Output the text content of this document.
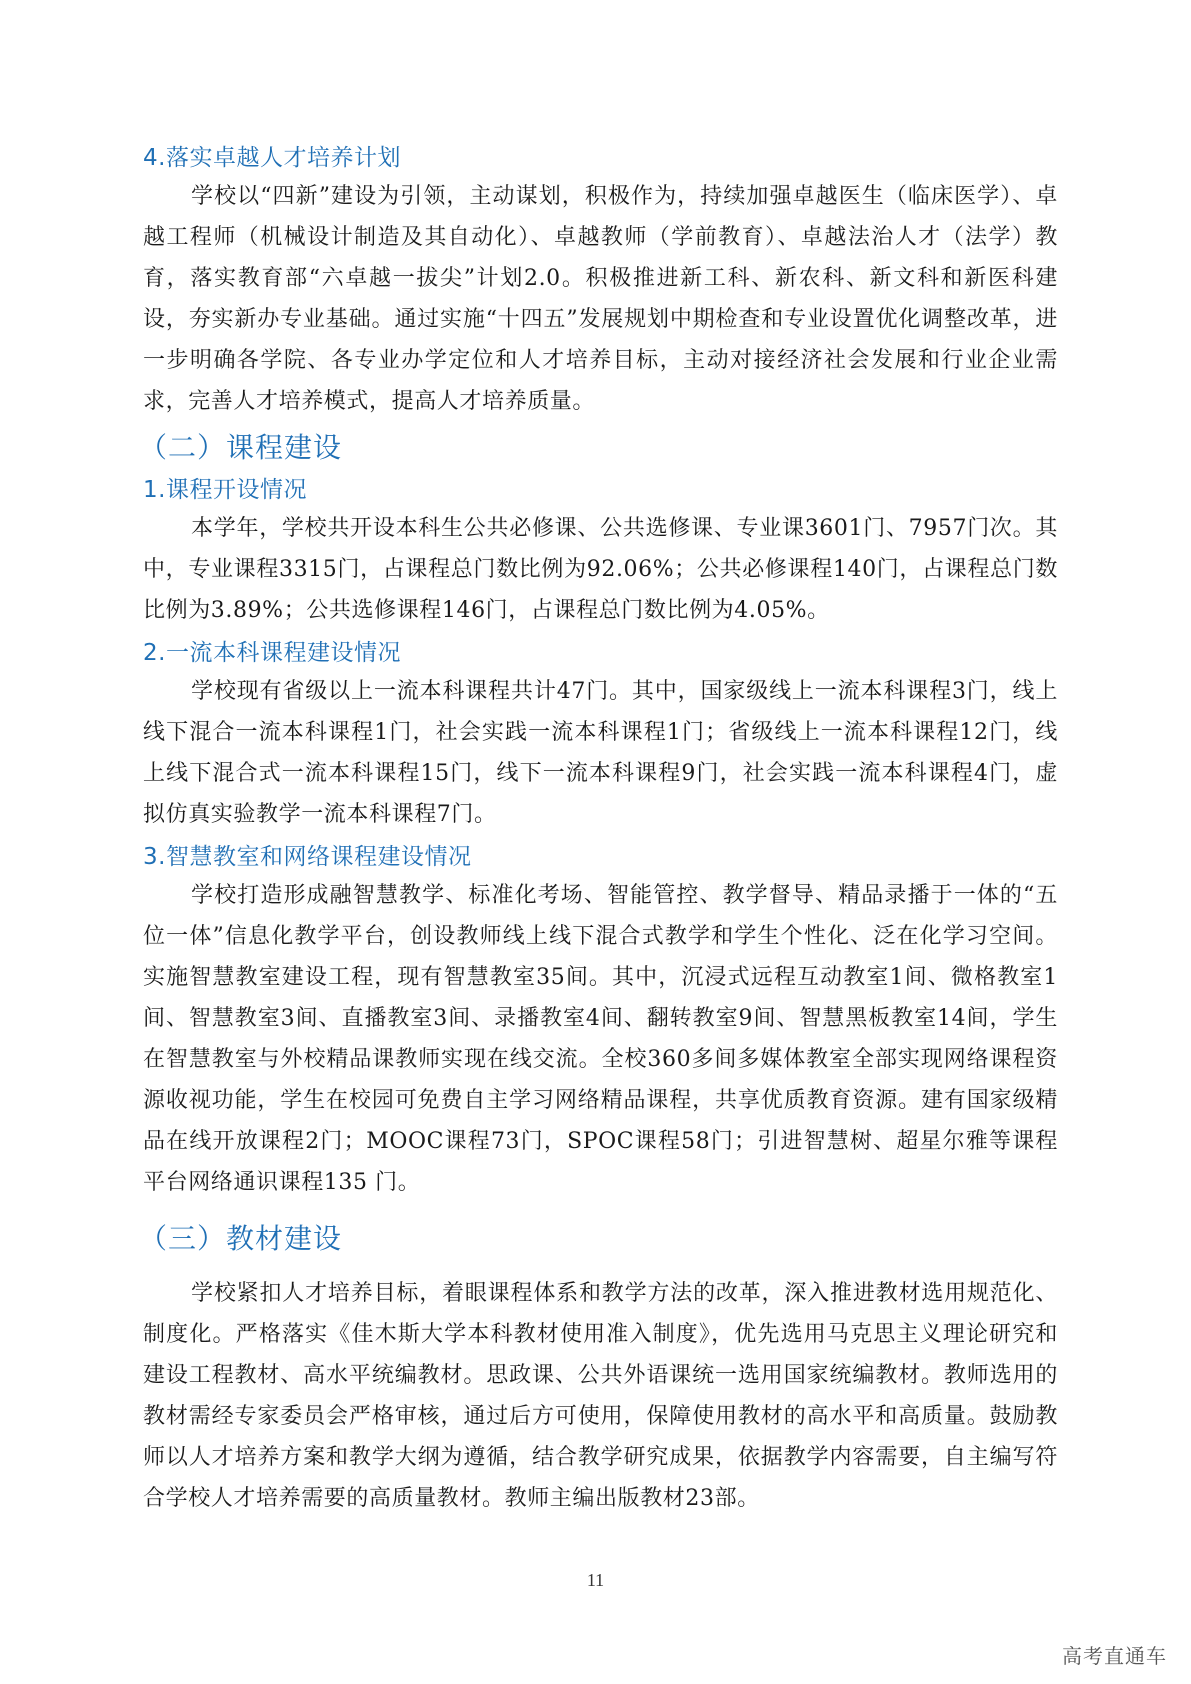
4.落实卓越人才培养计划

学校以“四新”建设为引领，主动谋划，积极作为，持续加强卓越医生（临床医学）、卓越工程师（机械设计制造及其自动化）、卓越教师（学前教育）、卓越法治人才（法学）教育，落实教育部“六卓越一拔尖”计划2.0。积极推进新工科、新农科、新文科和新医科建设，夯实新办专业基础。通过实施“十四五”发展规划中期检查和专业设置优化调整改革，进一步明确各学院、各专业办学定位和人才培养目标，主动对接经济社会发展和行业企业需求，完善人才培养模式，提高人才培养质量。

（二）课程建设
1.课程开设情况

本学年，学校共开设本科生公共必修课、公共选修课、专业课3601门、7957门次。其中，专业课程3315门，占课程总门数比例为92.06%；公共必修课程140门，占课程总门数比例为3.89%；公共选修课程146门，占课程总门数比例为4.05%。

2.一流本科课程建设情况

学校现有省级以上一流本科课程共计47门。其中，国家级线上一流本科课程3门，线上线下混合一流本科课程1门，社会实践一流本科课程1门；省级线上一流本科课程12门，线上线下混合式一流本科课程15门，线下一流本科课程9门，社会实践一流本科课程4门，虚拟仿真实验教学一流本科课程7门。

3.智慧教室和网络课程建设情况

学校打造形成融智慧教学、标准化考场、智能管控、教学督导、精品录播于一体的“五位一体”信息化教学平台，创设教师线上线下混合式教学和学生个性化、泛在化学习空间。实施智慧教室建设工程，现有智慧教室35间。其中，沉浸式远程互动教室1间、微格教室1间、智慧教室3间、直播教室3间、录播教室4间、翻转教室9间、智慧黑板教室14间，学生在智慧教室与外校精品课教师实现在线交流。全校360多间多媒体教室全部实现网络课程资源收视功能，学生在校园可免费自主学习网络精品课程，共享优质教育资源。建有国家级精品在线开放课程2门；MOOC课程73门，SPOC课程58门；引进智慧树、超星尔雅等课程平台网络通识课程135 门。

（三）教材建设

学校紧扣人才培养目标，着眼课程体系和教学方法的改革，深入推进教材选用规范化、制度化。严格落实《佳木斯大学本科教材使用准入制度》，优先选用马克思主义理论研究和建设工程教材、高水平统编教材。思政课、公共外语课统一选用国家统编教材。教师选用的教材需经专家委员会严格审核，通过后方可使用，保障使用教材的高水平和高质量。鼓励教师以人才培养方案和教学大纲为遵循，结合教学研究成果，依据教学内容需要，自主编写符合学校人才培养需要的高质量教材。教师主编出版教材23部。

11
高考直通车
